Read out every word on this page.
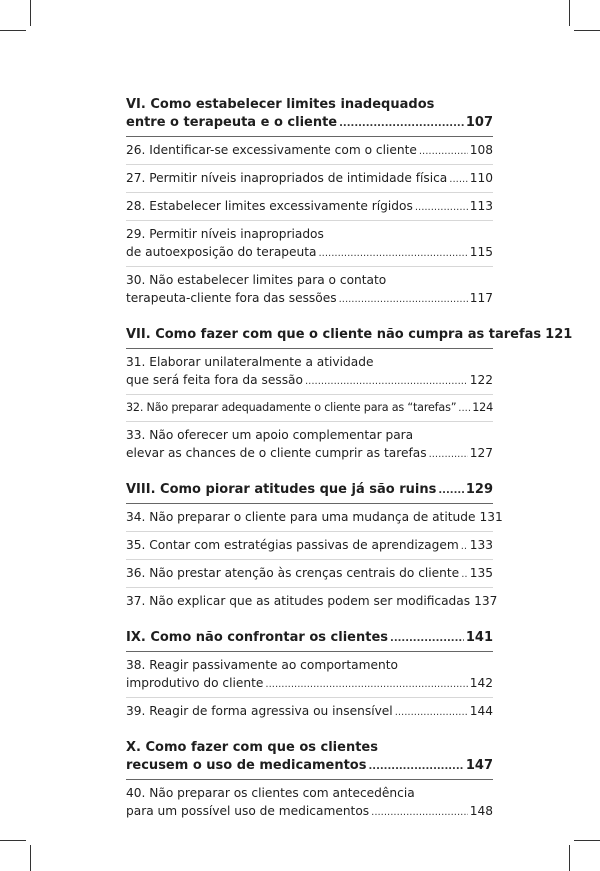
VI. Como estabelecer limites inadequados
entre o terapeuta e o cliente .....	107
26. Identificar-se excessivamente com o cliente .....	108
27. Permitir níveis inapropriados de intimidade física ..... 110
28. Estabelecer limites excessivamente rígidos .....	113
29. Permitir níveis inapropriados
de autoexposição do terapeuta .....	115
30. Não estabelecer limites para o contato
terapeuta-cliente fora das sessões .....	117
VII. Como fazer com que o cliente não cumpra as tarefas 121
31. Elaborar unilateralmente a atividade
que será feita fora da sessão .....	122
32. Não preparar adequadamente o cliente para as “tarefas” ..... 124
33. Não oferecer um apoio complementar para
elevar as chances de o cliente cumprir as tarefas .....	127
VIII. Como piorar atitudes que já são ruins ..... 129
34. Não preparar o cliente para uma mudança de atitude 131
35. Contar com estratégias passivas de aprendizagem ..... 133
36. Não prestar atenção às crenças centrais do cliente ..... 135
37. Não explicar que as atitudes podem ser modificadas 137
IX. Como não confrontar os clientes .....	141
38. Reagir passivamente ao comportamento
improdutivo do cliente .....	142
39. Reagir de forma agressiva ou insensível .....	144
X. Como fazer com que os clientes
recusem o uso de medicamentos .....	147
40. Não preparar os clientes com antecedência
para um possível uso de medicamentos .....	148
